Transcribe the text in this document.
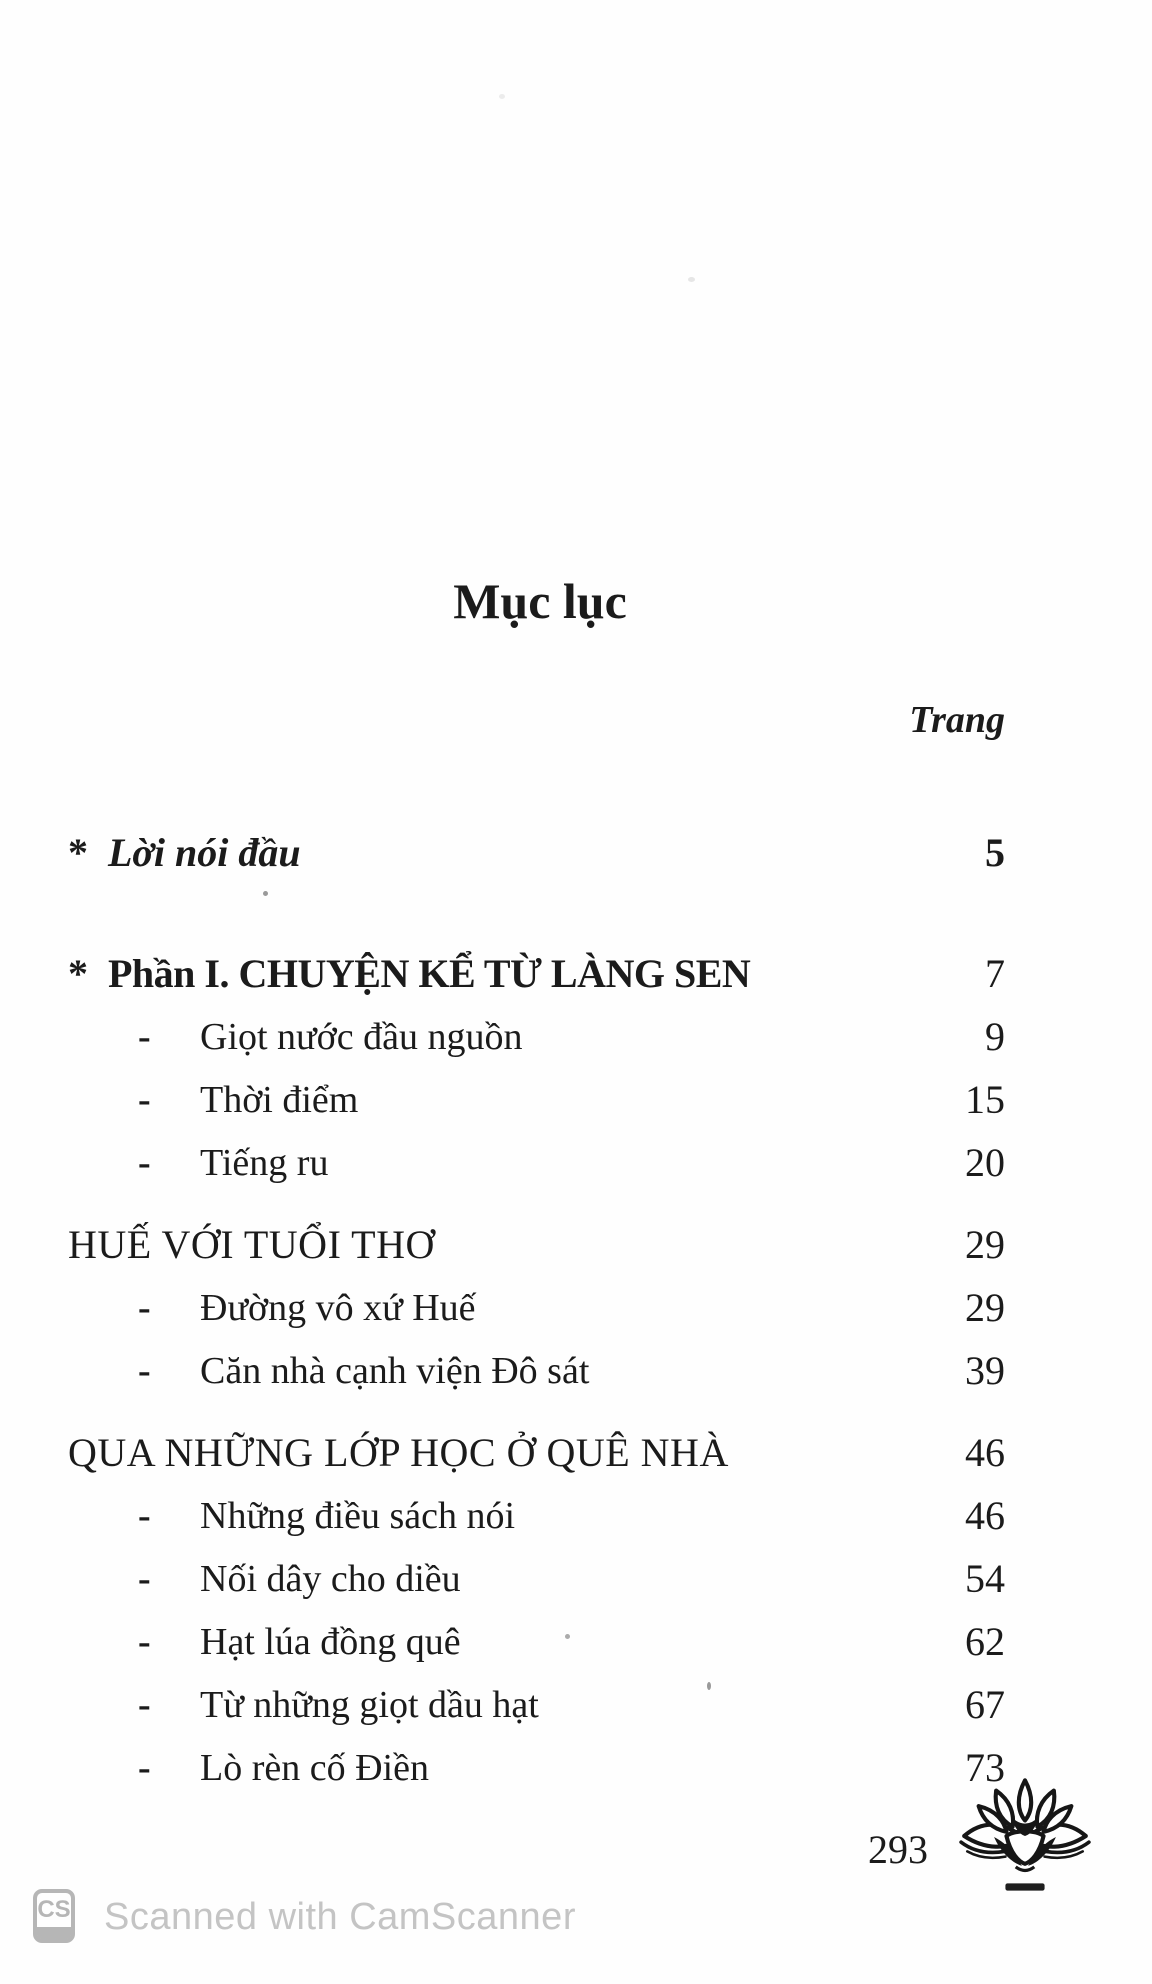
Mục lục
Trang
* Lời nói đầu	5
* Phần I. CHUYỆN KỂ TỪ LÀNG SEN	7
-	Giọt nước đầu nguồn	9
-	Thời điểm	15
-	Tiếng ru	20
HUẾ VỚI TUỔI THƠ	29
-	Đường vô xứ Huế	29
-	Căn nhà cạnh viện Đô sát	39
QUA NHỮNG LỚP HỌC Ở QUÊ NHÀ	46
-	Những điều sách nói	46
-	Nối dây cho diều	54
-	Hạt lúa đồng quê	62
-	Từ những giọt dầu hạt	67
-	Lò rèn cố Điền	73
293
CS Scanned with CamScanner
